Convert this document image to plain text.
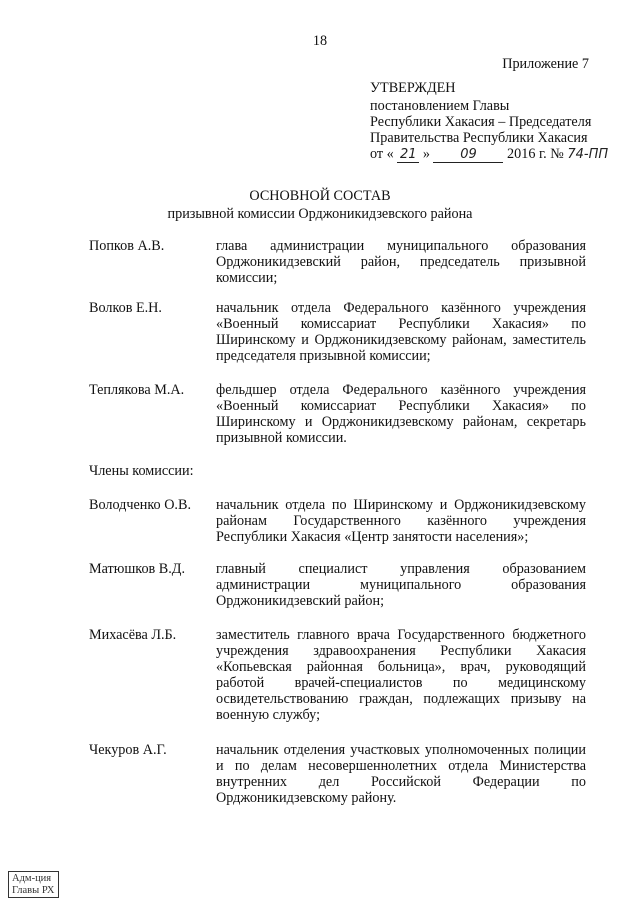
18
Приложение 7
УТВЕРЖДЕН
постановлением Главы
Республики Хакасия – Председателя
Правительства Республики Хакасия
от « 21 » 09 2016 г. № 74-ПП
ОСНОВНОЙ СОСТАВ
призывной комиссии Орджоникидзевского района
Попков А.В.	глава администрации муниципального образования Орджоникидзевский район, председатель призывной комиссии;
Волков Е.Н.	начальник отдела Федерального казённого учреждения «Военный комиссариат Республики Хакасия» по Ширинскому и Орджоникидзевскому районам, заместитель председателя призывной комиссии;
Теплякова М.А. фельдшер отдела Федерального казённого учреждения «Военный комиссариат Республики Хакасия» по Ширинскому и Орджоникидзевскому районам, секретарь призывной комиссии.
Члены комиссии:
Володченко О.В. начальник отдела по Ширинскому и Орджоникидзевскому районам Государственного казённого учреждения Республики Хакасия «Центр занятости населения»;
Матюшков В.Д. главный специалист управления образованием администрации муниципального образования Орджоникидзевский район;
Михасёва Л.Б.	заместитель главного врача Государственного бюджетного учреждения здравоохранения Республики Хакасия «Копьевская районная больница», врач, руководящий работой врачей-специалистов по медицинскому освидетельствованию граждан, подлежащих призыву на военную службу;
Чекуров А.Г.	начальник отделения участковых уполномоченных полиции и по делам несовершеннолетних отдела Министерства внутренних дел Российской Федерации по Орджоникидзевскому району.
Адм-ция
Главы РХ
